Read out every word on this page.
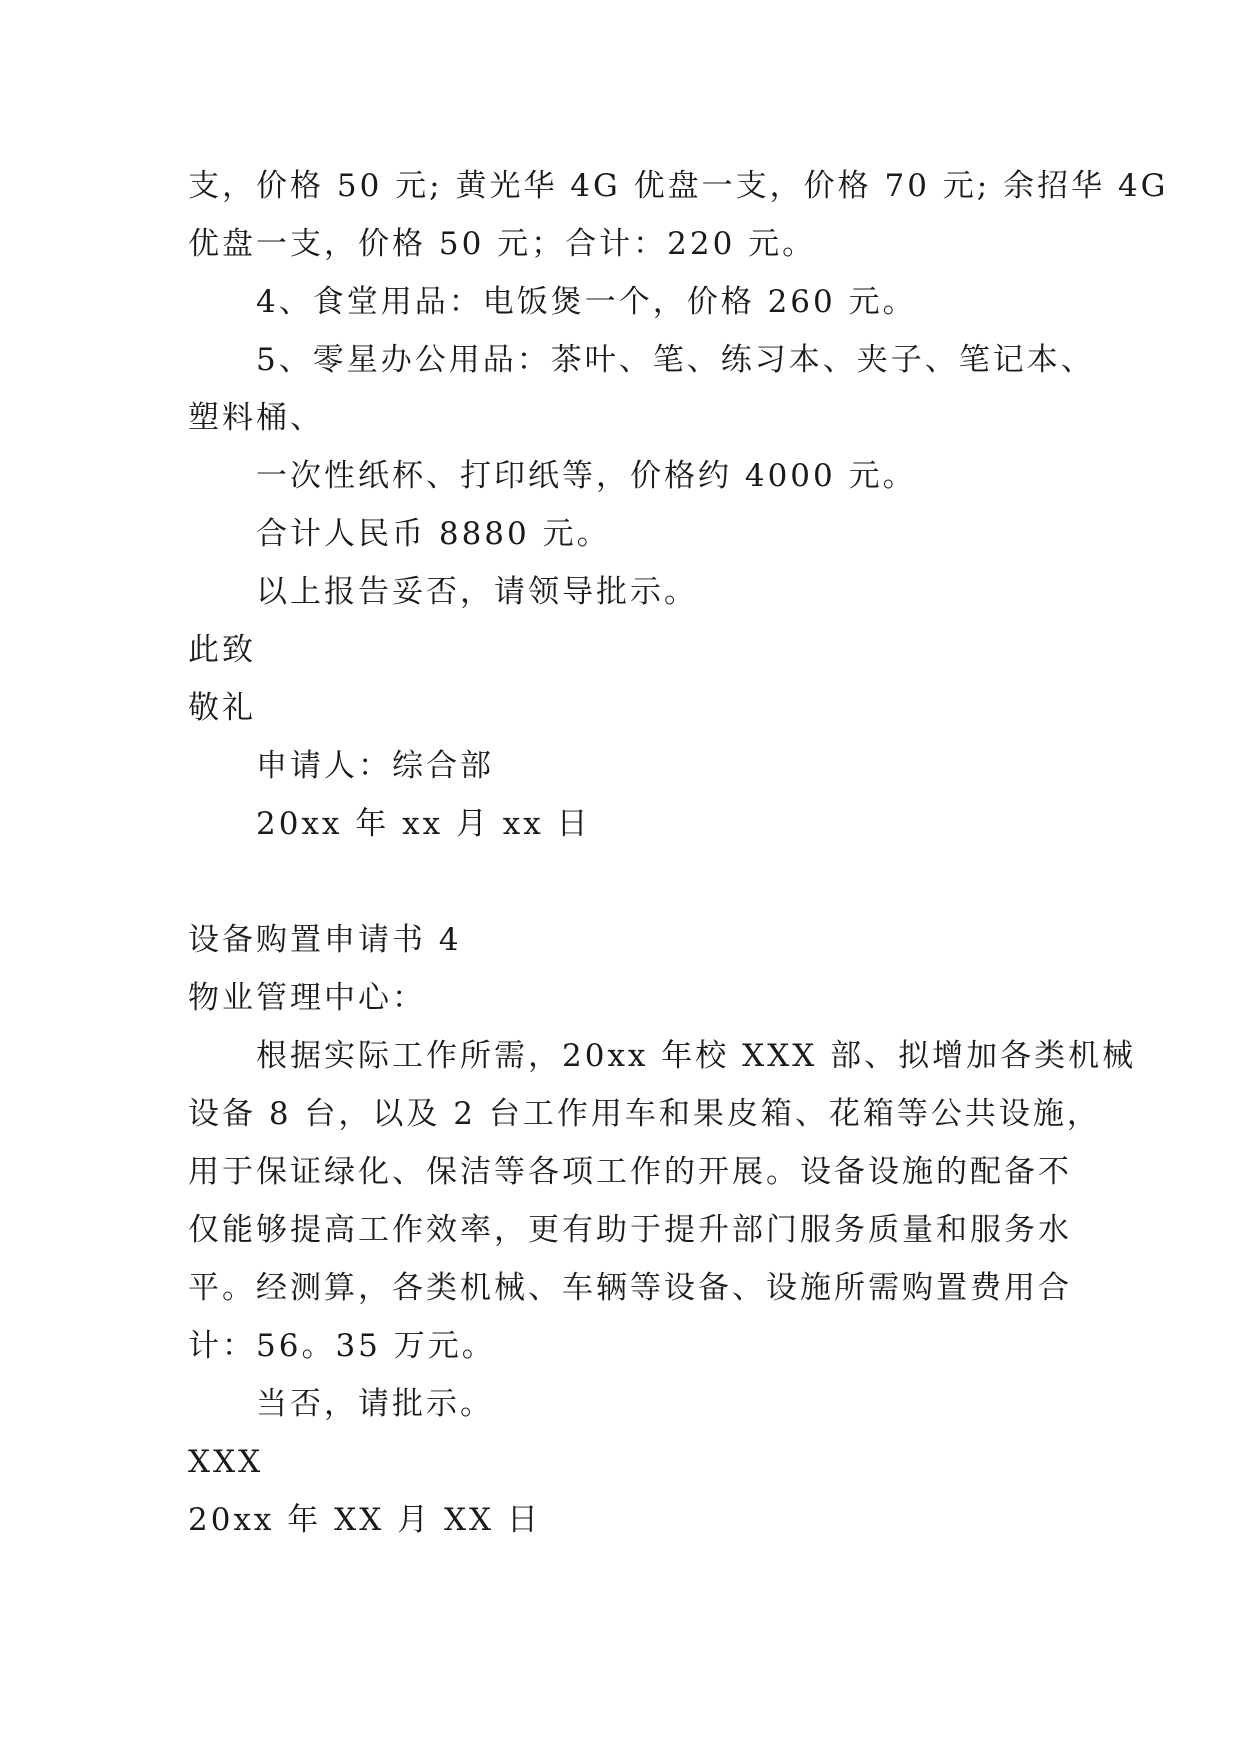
支，价格 50 元; 黄光华 4G 优盘一支，价格 70 元; 余招华 4G
优盘一支，价格 50 元；合计：220 元。
4、食堂用品：电饭煲一个，价格 260 元。
5、零星办公用品：茶叶、笔、练习本、夹子、笔记本、
塑料桶、
一次性纸杯、打印纸等，价格约 4000 元。
合计人民币 8880 元。
以上报告妥否，请领导批示。
此致
敬礼
申请人：综合部
20xx 年 xx 月 xx 日
设备购置申请书 4
物业管理中心：
根据实际工作所需，20xx 年校 XXX 部、拟增加各类机械
设备 8 台，以及 2 台工作用车和果皮箱、花箱等公共设施，
用于保证绿化、保洁等各项工作的开展。设备设施的配备不
仅能够提高工作效率，更有助于提升部门服务质量和服务水
平。经测算，各类机械、车辆等设备、设施所需购置费用合
计：56。35 万元。
当否，请批示。
XXX
20xx 年 XX 月 XX 日
